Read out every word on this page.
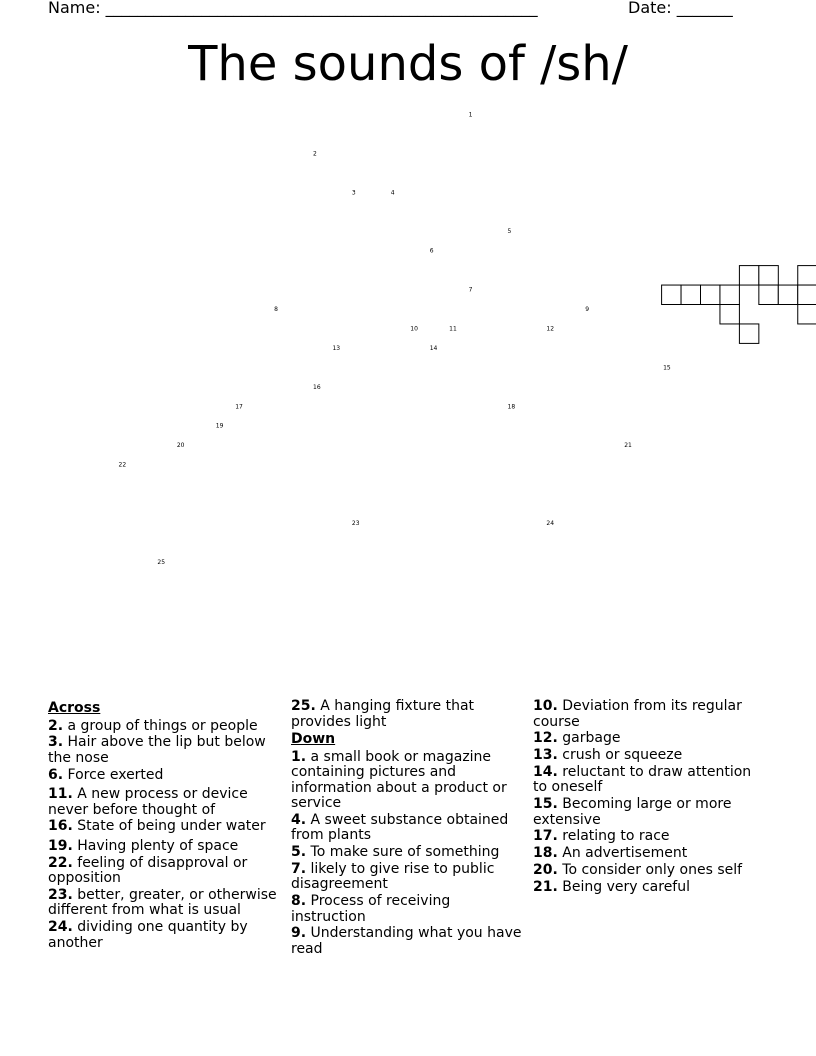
Name: ______________________________________________________	Date: _______
The sounds of /sh/
1
2
3	4
5
6
7
8	9
10	11	12
13	14
15
16
17	18
19
20	21
22
23	24
25
Across
2. a group of things or people
3. Hair above the lip but below the nose
6. Force exerted
11. A new process or device never before thought of
16. State of being under water
19. Having plenty of space
22. feeling of disapproval or opposition
23. better, greater, or otherwise different from what is usual
24. dividing one quantity by another
25. A hanging fixture that provides light
Down
1. a small book or magazine containing pictures and information about a product or service
4. A sweet substance obtained from plants
5. To make sure of something
7. likely to give rise to public disagreement
8. Process of receiving instruction
9. Understanding what you have read
10. Deviation from its regular course
12. garbage
13. crush or squeeze
14. reluctant to draw attention to oneself
15. Becoming large or more extensive
17. relating to race
18. An advertisement
20. To consider only ones self
21. Being very careful
